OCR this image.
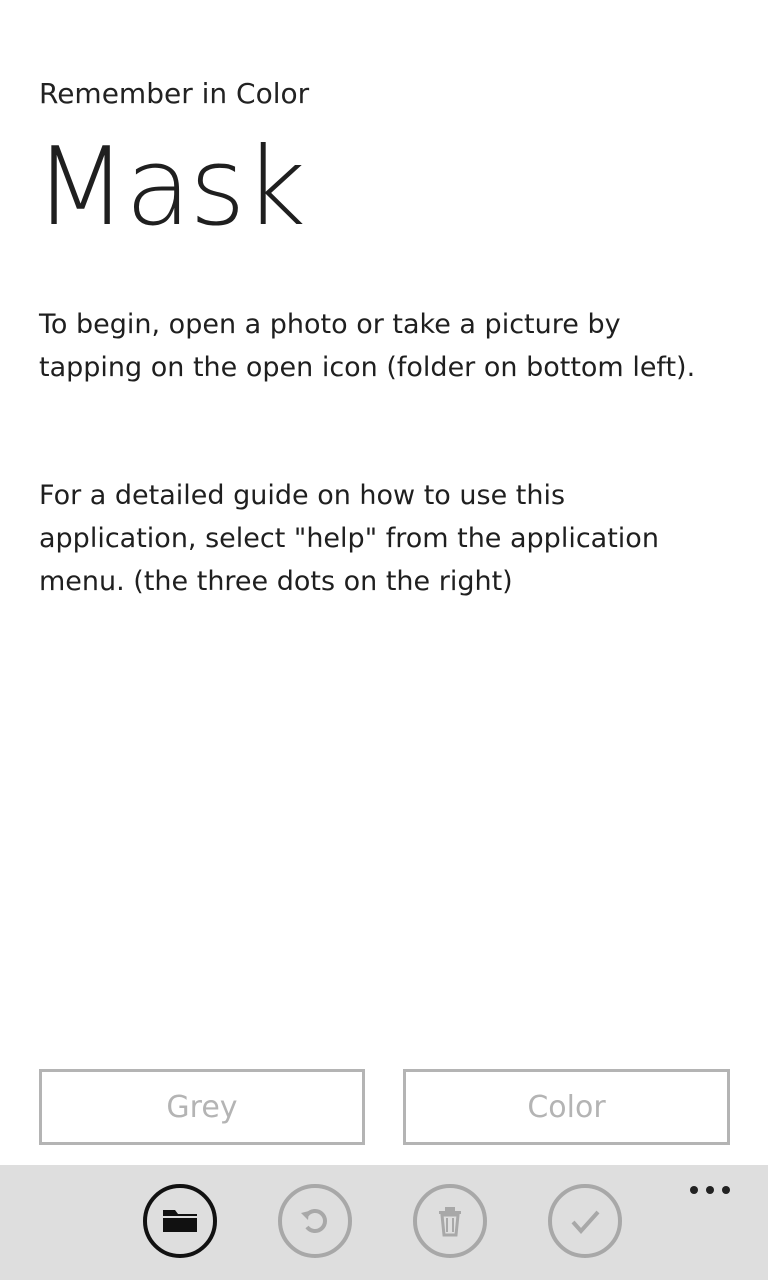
Remember in Color
Mask

To begin, open a photo or take a picture by tapping on the open icon (folder on bottom left).

For a detailed guide on how to use this application, select "help" from the application menu. (the three dots on the right)

Grey	Color
